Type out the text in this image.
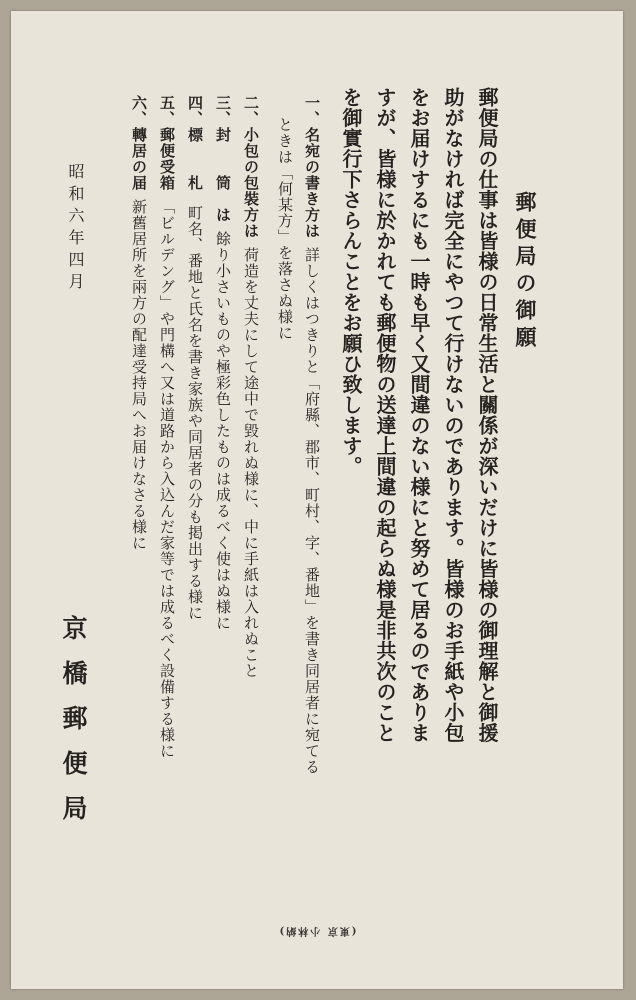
郵便局の御願
郵便局の仕事は皆様の日常生活と關係が深いだけに皆様の御理解と御援
助がなければ完全にやつて行けないのであります。皆様のお手紙や小包
をお届けするにも一時も早く又間違のない様にと努めて居るのでありま
すが、皆様に於かれても郵便物の送達上間違の起らぬ様是非共次のこと
を御實行下さらんことをお願ひ致します。
一、名宛の書き方は詳しくはつきりと「府縣、郡市、町村、字、番地」を書き同居者に宛てる
ときは「何某方」を落さぬ様に
二、小包の包裝方は荷造を丈夫にして途中で毀れぬ様に、中に手紙は入れぬこと
三、封　　筒　は餘り小さいものや極彩色したものは成るべく使はぬ様に
四、標　　札町名、番地と氏名を書き家族や同居者の分も掲出する様に
五、郵便受箱「ビルデング」や門構へ又は道路から入込んだ家等では成るべく設備する様に
六、轉居の届新舊居所を兩方の配達受持局へお届けなさる様に
昭和六年四月
京橋郵便局
(東京 小林納)
